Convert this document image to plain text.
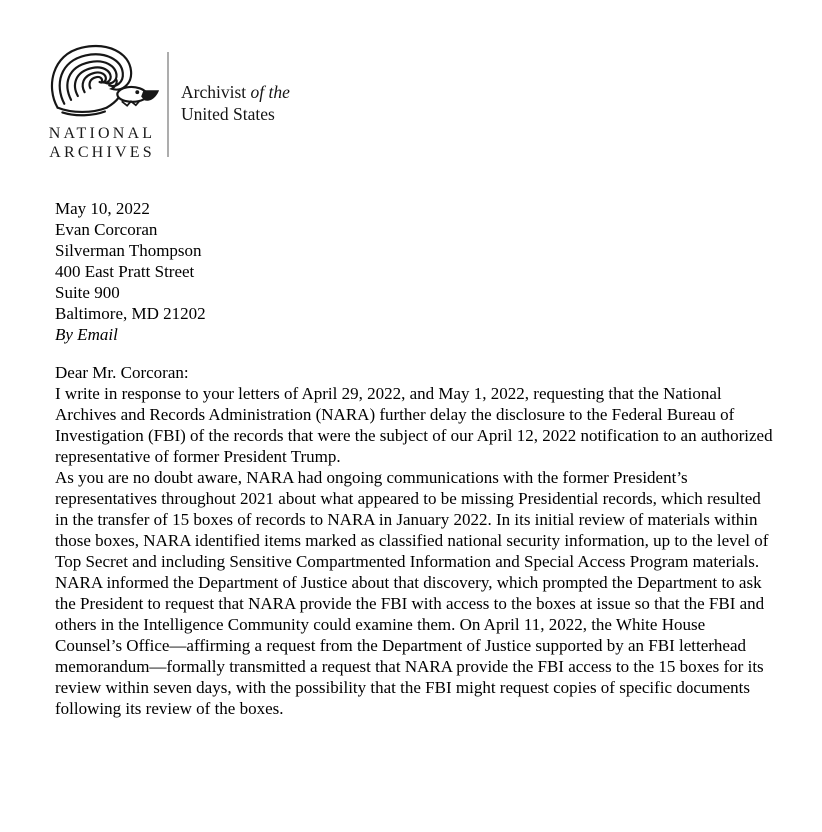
NATIONAL
ARCHIVES
Archivist of the
United States

May 10, 2022

Evan Corcoran
Silverman Thompson
400 East Pratt Street
Suite 900
Baltimore, MD 21202
By Email

Dear Mr. Corcoran:

I write in response to your letters of April 29, 2022, and May 1, 2022, requesting that the National Archives and Records Administration (NARA) further delay the disclosure to the Federal Bureau of Investigation (FBI) of the records that were the subject of our April 12, 2022 notification to an authorized representative of former President Trump.

As you are no doubt aware, NARA had ongoing communications with the former President’s representatives throughout 2021 about what appeared to be missing Presidential records, which resulted in the transfer of 15 boxes of records to NARA in January 2022. In its initial review of materials within those boxes, NARA identified items marked as classified national security information, up to the level of Top Secret and including Sensitive Compartmented Information and Special Access Program materials. NARA informed the Department of Justice about that discovery, which prompted the Department to ask the President to request that NARA provide the FBI with access to the boxes at issue so that the FBI and others in the Intelligence Community could examine them. On April 11, 2022, the White House Counsel’s Office—⁠affirming a request from the Department of Justice supported by an FBI letterhead memorandum—⁠formally transmitted a request that NARA provide the FBI access to the 15 boxes for its review within seven days, with the possibility that the FBI might request copies of specific documents following its review of the boxes.
